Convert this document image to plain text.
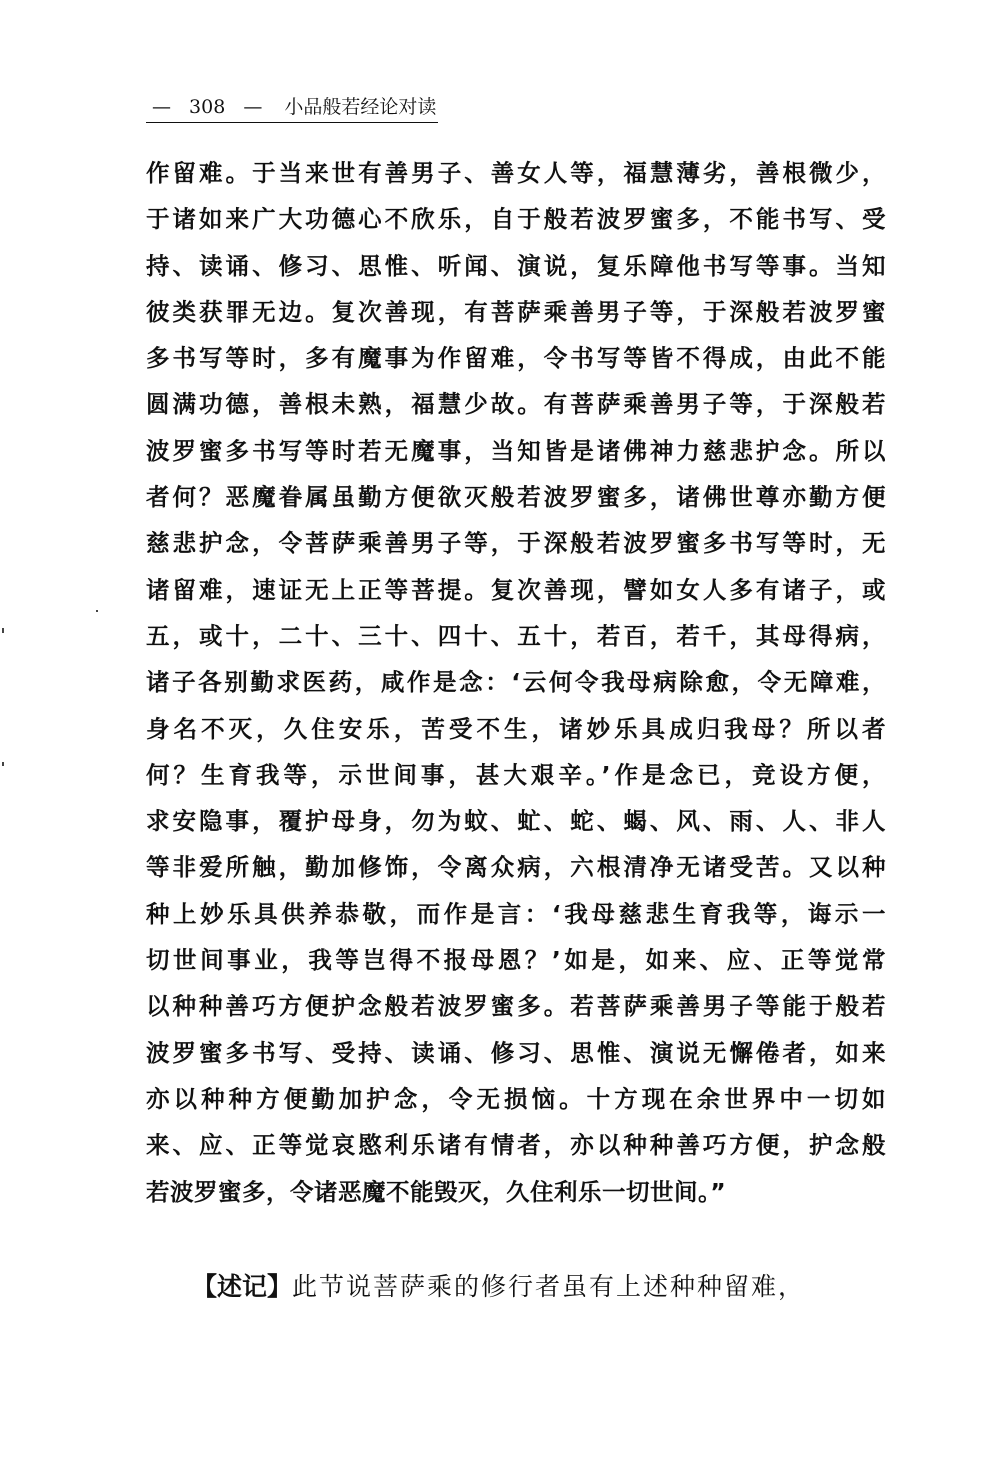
— 308 — 小品般若经论对读
作留难。于当来世有善男子、善女人等，福慧薄劣，善根微少，
于诸如来广大功德心不欣乐，自于般若波罗蜜多，不能书写、受
持、读诵、修习、思惟、听闻、演说，复乐障他书写等事。当知
彼类获罪无边。复次善现，有菩萨乘善男子等，于深般若波罗蜜
多书写等时，多有魔事为作留难，令书写等皆不得成，由此不能
圆满功德，善根未熟，福慧少故。有菩萨乘善男子等，于深般若
波罗蜜多书写等时若无魔事，当知皆是诸佛神力慈悲护念。所以
者何？恶魔眷属虽勤方便欲灭般若波罗蜜多，诸佛世尊亦勤方便
慈悲护念，令菩萨乘善男子等，于深般若波罗蜜多书写等时，无
诸留难，速证无上正等菩提。复次善现，譬如女人多有诸子，或
五，或十，二十、三十、四十、五十，若百，若千，其母得病，
诸子各别勤求医药，咸作是念：‘云何令我母病除愈，令无障难，
身名不灭，久住安乐，苦受不生，诸妙乐具成归我母？所以者
何？生育我等，示世间事，甚大艰辛。’作是念已，竞设方便，
求安隐事，覆护母身，勿为蚊、虻、蛇、蝎、风、雨、人、非人
等非爱所触，勤加修饰，令离众病，六根清净无诸受苦。又以种
种上妙乐具供养恭敬，而作是言：‘我母慈悲生育我等，诲示一
切世间事业，我等岂得不报母恩？’如是，如来、应、正等觉常
以种种善巧方便护念般若波罗蜜多。若菩萨乘善男子等能于般若
波罗蜜多书写、受持、读诵、修习、思惟、演说无懈倦者，如来
亦以种种方便勤加护念，令无损恼。十方现在余世界中一切如
来、应、正等觉哀愍利乐诸有情者，亦以种种善巧方便，护念般
若波罗蜜多，令诸恶魔不能毁灭，久住利乐一切世间。”
【述记】此节说菩萨乘的修行者虽有上述种种留难，
